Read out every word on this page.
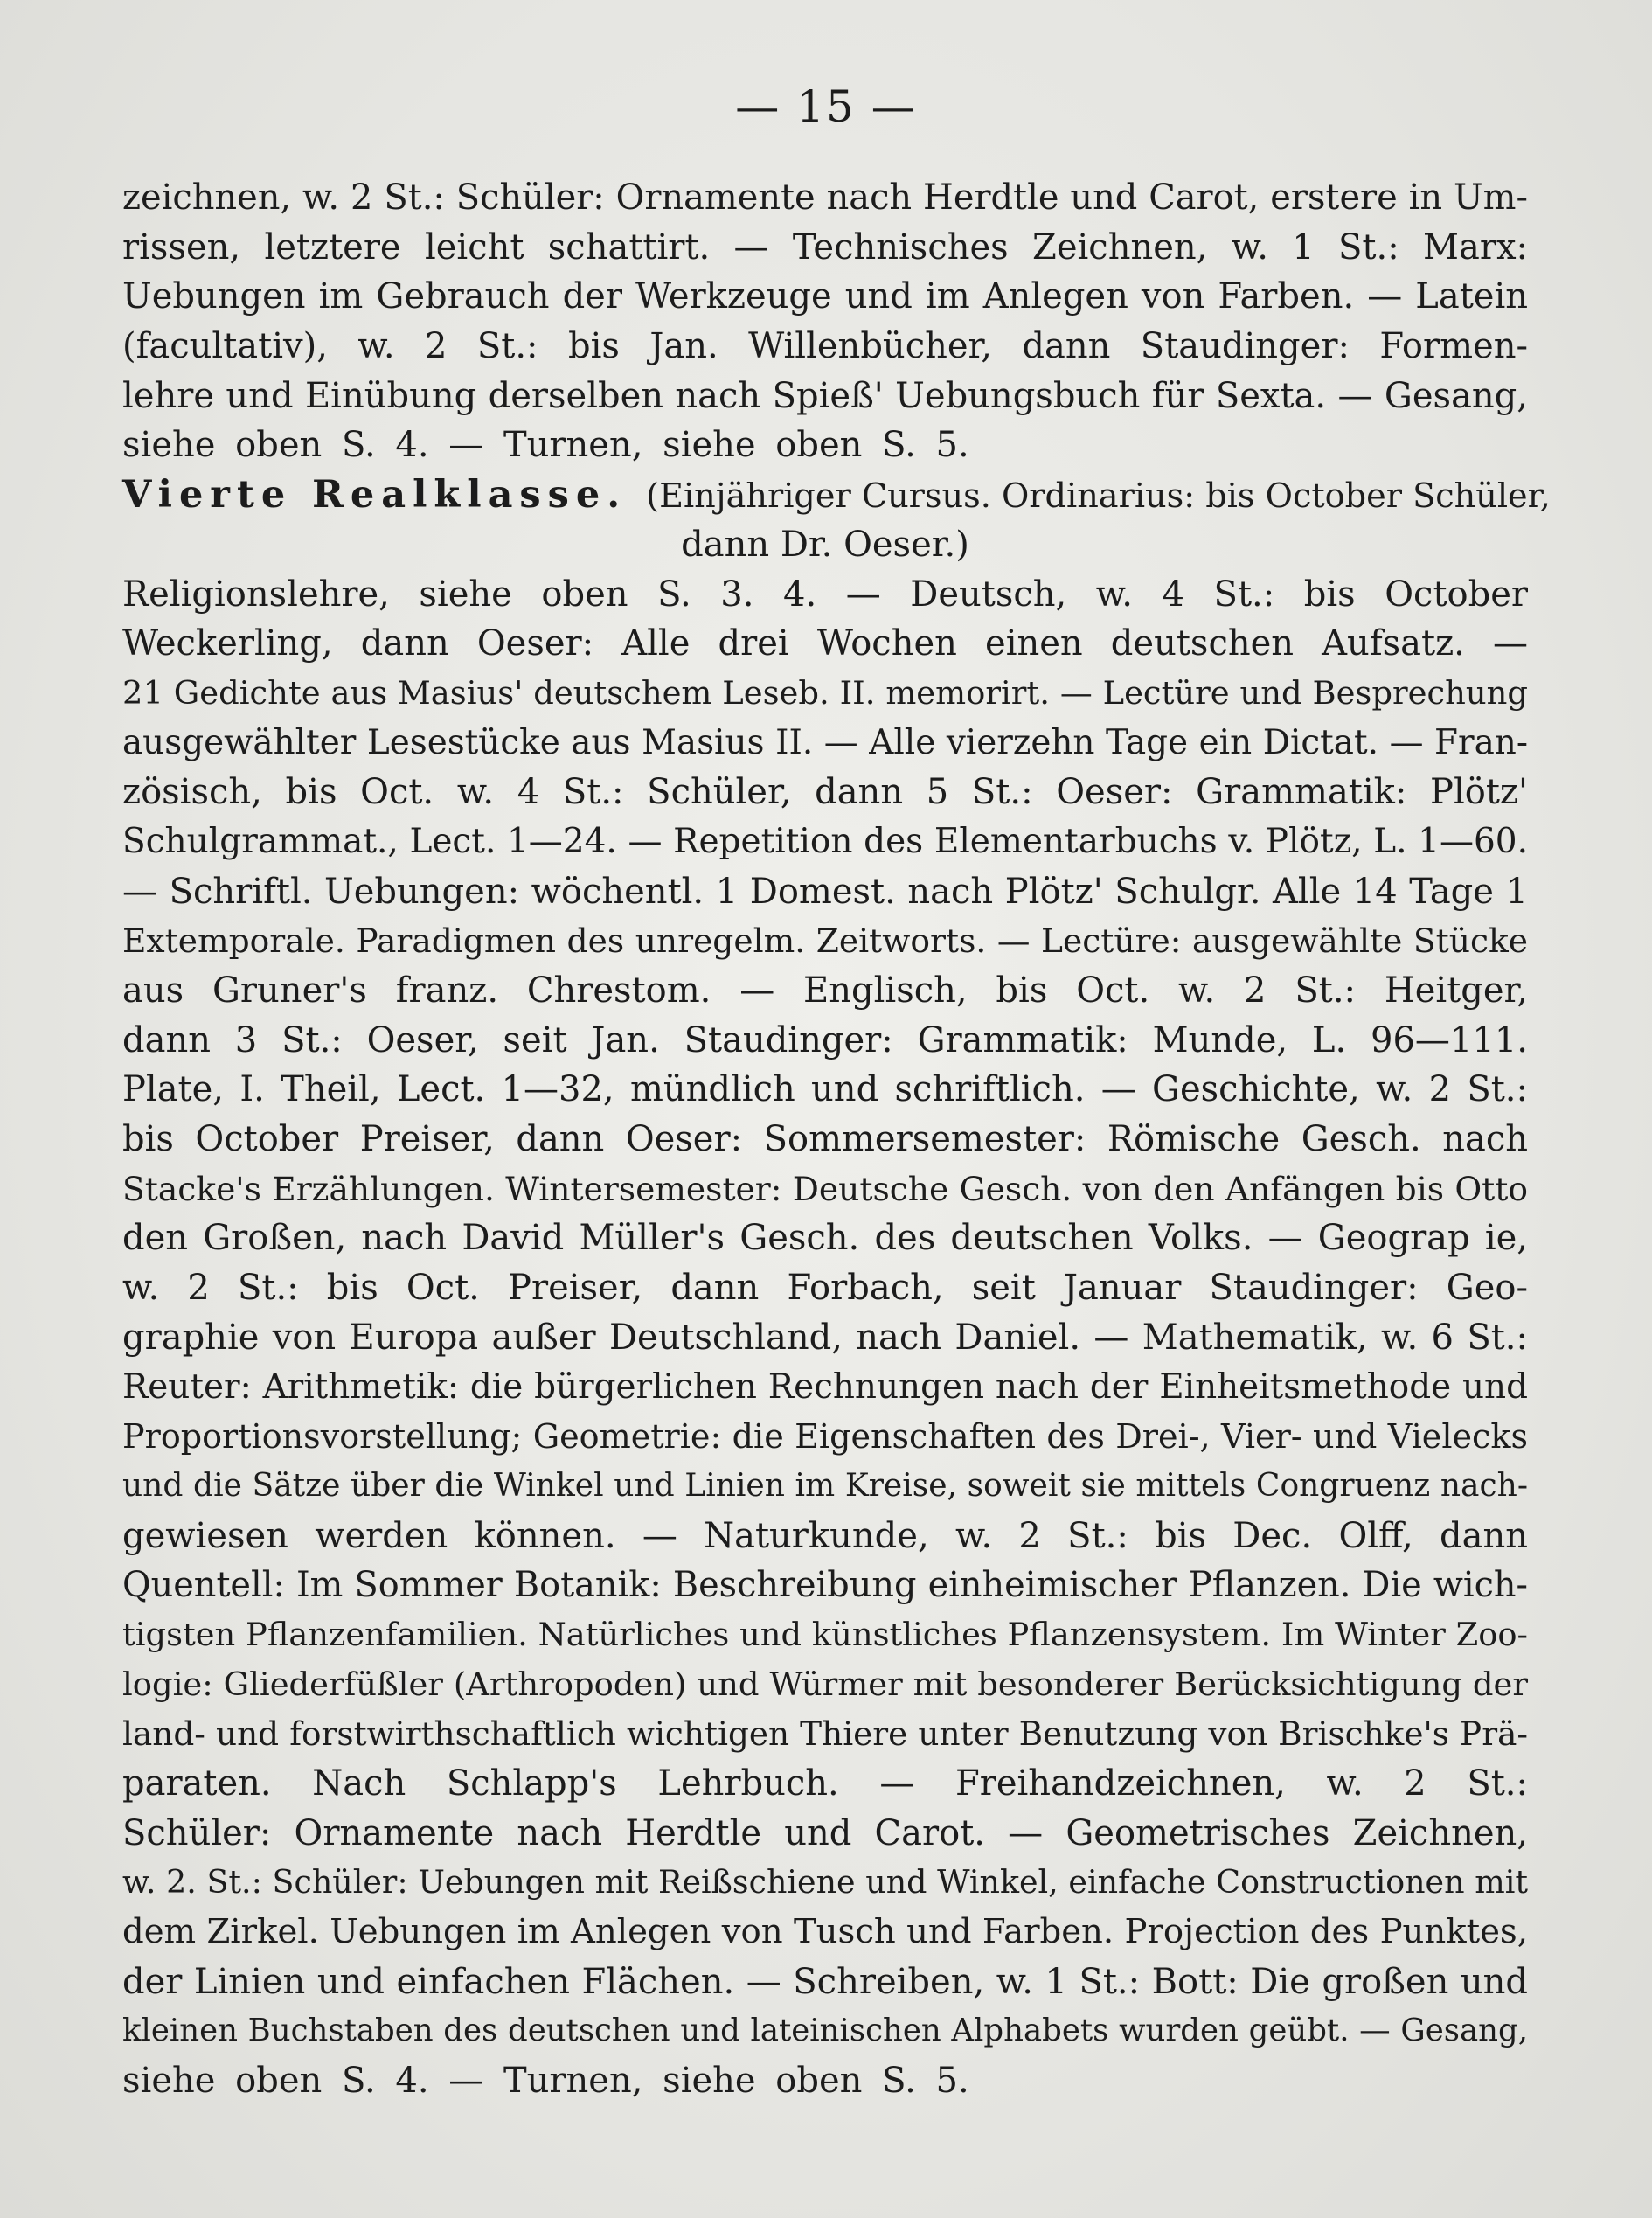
— 15 —
zeichnen, w. 2 St.: Schüler: Ornamente nach Herdtle und Carot, erstere in Um-
rissen, letztere leicht schattirt. — Technisches Zeichnen, w. 1 St.: Marx:
Uebungen im Gebrauch der Werkzeuge und im Anlegen von Farben. — Latein
(facultativ), w. 2 St.: bis Jan. Willenbücher, dann Staudinger: Formen-
lehre und Einübung derselben nach Spieß' Uebungsbuch für Sexta. — Gesang,
siehe oben S. 4. — Turnen, siehe oben S. 5.
Vierte Realklasse. (Einjähriger Cursus. Ordinarius: bis October Schüler,
dann Dr. Oeser.)
Religionslehre, siehe oben S. 3. 4. — Deutsch, w. 4 St.: bis October
Weckerling, dann Oeser: Alle drei Wochen einen deutschen Aufsatz. —
21 Gedichte aus Masius' deutschem Leseb. II. memorirt. — Lectüre und Besprechung
ausgewählter Lesestücke aus Masius II. — Alle vierzehn Tage ein Dictat. — Fran-
zösisch, bis Oct. w. 4 St.: Schüler, dann 5 St.: Oeser: Grammatik: Plötz'
Schulgrammat., Lect. 1—24. — Repetition des Elementarbuchs v. Plötz, L. 1—60.
— Schriftl. Uebungen: wöchentl. 1 Domest. nach Plötz' Schulgr. Alle 14 Tage 1
Extemporale. Paradigmen des unregelm. Zeitworts. — Lectüre: ausgewählte Stücke
aus Gruner's franz. Chrestom. — Englisch, bis Oct. w. 2 St.: Heitger,
dann 3 St.: Oeser, seit Jan. Staudinger: Grammatik: Munde, L. 96—111.
Plate, I. Theil, Lect. 1—32, mündlich und schriftlich. — Geschichte, w. 2 St.:
bis October Preiser, dann Oeser: Sommersemester: Römische Gesch. nach
Stacke's Erzählungen. Wintersemester: Deutsche Gesch. von den Anfängen bis Otto
den Großen, nach David Müller's Gesch. des deutschen Volks. — Geograp ie,
w. 2 St.: bis Oct. Preiser, dann Forbach, seit Januar Staudinger: Geo-
graphie von Europa außer Deutschland, nach Daniel. — Mathematik, w. 6 St.:
Reuter: Arithmetik: die bürgerlichen Rechnungen nach der Einheitsmethode und
Proportionsvorstellung; Geometrie: die Eigenschaften des Drei-, Vier- und Vielecks
und die Sätze über die Winkel und Linien im Kreise, soweit sie mittels Congruenz nach-
gewiesen werden können. — Naturkunde, w. 2 St.: bis Dec. Olff, dann
Quentell: Im Sommer Botanik: Beschreibung einheimischer Pflanzen. Die wich-
tigsten Pflanzenfamilien. Natürliches und künstliches Pflanzensystem. Im Winter Zoo-
logie: Gliederfüßler (Arthropoden) und Würmer mit besonderer Berücksichtigung der
land- und forstwirthschaftlich wichtigen Thiere unter Benutzung von Brischke's Prä-
paraten. Nach Schlapp's Lehrbuch. — Freihandzeichnen, w. 2 St.:
Schüler: Ornamente nach Herdtle und Carot. — Geometrisches Zeichnen,
w. 2. St.: Schüler: Uebungen mit Reißschiene und Winkel, einfache Constructionen mit
dem Zirkel. Uebungen im Anlegen von Tusch und Farben. Projection des Punktes,
der Linien und einfachen Flächen. — Schreiben, w. 1 St.: Bott: Die großen und
kleinen Buchstaben des deutschen und lateinischen Alphabets wurden geübt. — Gesang,
siehe oben S. 4. — Turnen, siehe oben S. 5.
